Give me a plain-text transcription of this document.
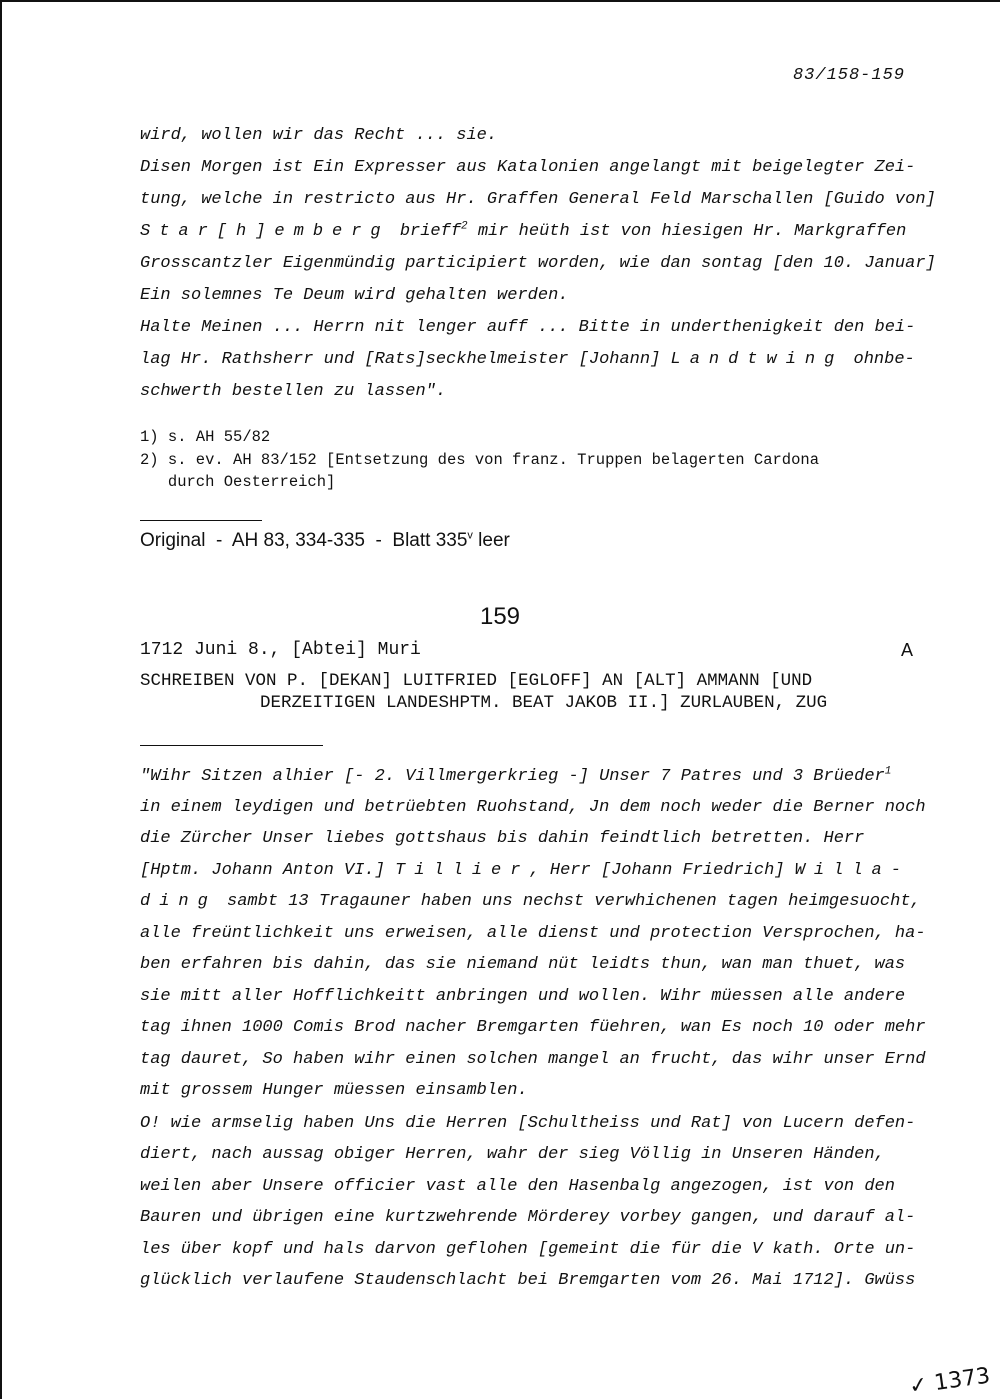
83/158-159
wird, wollen wir das Recht ... sie.
Disen Morgen ist Ein Expresser aus Katalonien angelangt mit beigelegter Zei-
tung, welche in restricto aus Hr. Graffen General Feld Marschallen [Guido von]
Star[h]emberg brieff$^2$ mir heüth ist von hiesigen Hr. Markgraffen
Grosscantzler Eigenmündig participiert worden, wie dan sontag [den 10. Januar]
Ein solemnes Te Deum wird gehalten werden.
Halte Meinen ... Herrn nit lenger auff ... Bitte in underthenigkeit den bei-
lag Hr. Rathsherr und [Rats]seckhelmeister [Johann] Landtwing ohnbe-
schwerth bestellen zu lassen".
1) s. AH 55/82
2) s. ev. AH 83/152 [Entsetzung des von franz. Truppen belagerten Cardona
durch Oesterreich]
Original  -  AH 83, 334-335  -  Blatt 335$^v$ leer
159
1712 Juni 8., [Abtei] Muri	A
SCHREIBEN VON P. [DEKAN] LUITFRIED [EGLOFF] AN [ALT] AMMANN [UND
DERZEITIGEN LANDESHPTM. BEAT JAKOB II.] ZURLAUBEN, ZUG
"Wihr Sitzen alhier [- 2. Villmergerkrieg -] Unser 7 Patres und 3 Brüeder$^1$
in einem leydigen und betrüebten Ruohstand, Jn dem noch weder die Berner noch
die Zürcher Unser liebes gottshaus bis dahin feindtlich betretten. Herr
[Hptm. Johann Anton VI.] Tillier, Herr [Johann Friedrich] Willa-
ding sambt 13 Tragauner haben uns nechst verwhichenen tagen heimgesuocht,
alle freüntlichkeit uns erweisen, alle dienst und protection Versprochen, ha-
ben erfahren bis dahin, das sie niemand nüt leidts thun, wan man thuet, was
sie mitt aller Hofflichkeitt anbringen und wollen. Wihr müessen alle andere
tag ihnen 1000 Comis Brod nacher Bremgarten füehren, wan Es noch 10 oder mehr
tag dauret, So haben wihr einen solchen mangel an frucht, das wihr unser Ernd
mit grossem Hunger müessen einsamblen.
O! wie armselig haben Uns die Herren [Schultheiss und Rat] von Lucern defen-
diert, nach aussag obiger Herren, wahr der sieg Völlig in Unseren Händen,
weilen aber Unsere officier vast alle den Hasenbalg angezogen, ist von den
Bauren und übrigen eine kurtzwehrende Mörderey vorbey gangen, und darauf al-
les über kopf und hals darvon geflohen [gemeint die für die V kath. Orte un-
glücklich verlaufene Staudenschlacht bei Bremgarten vom 26. Mai 1712]. Gwüss
✓ 1373
